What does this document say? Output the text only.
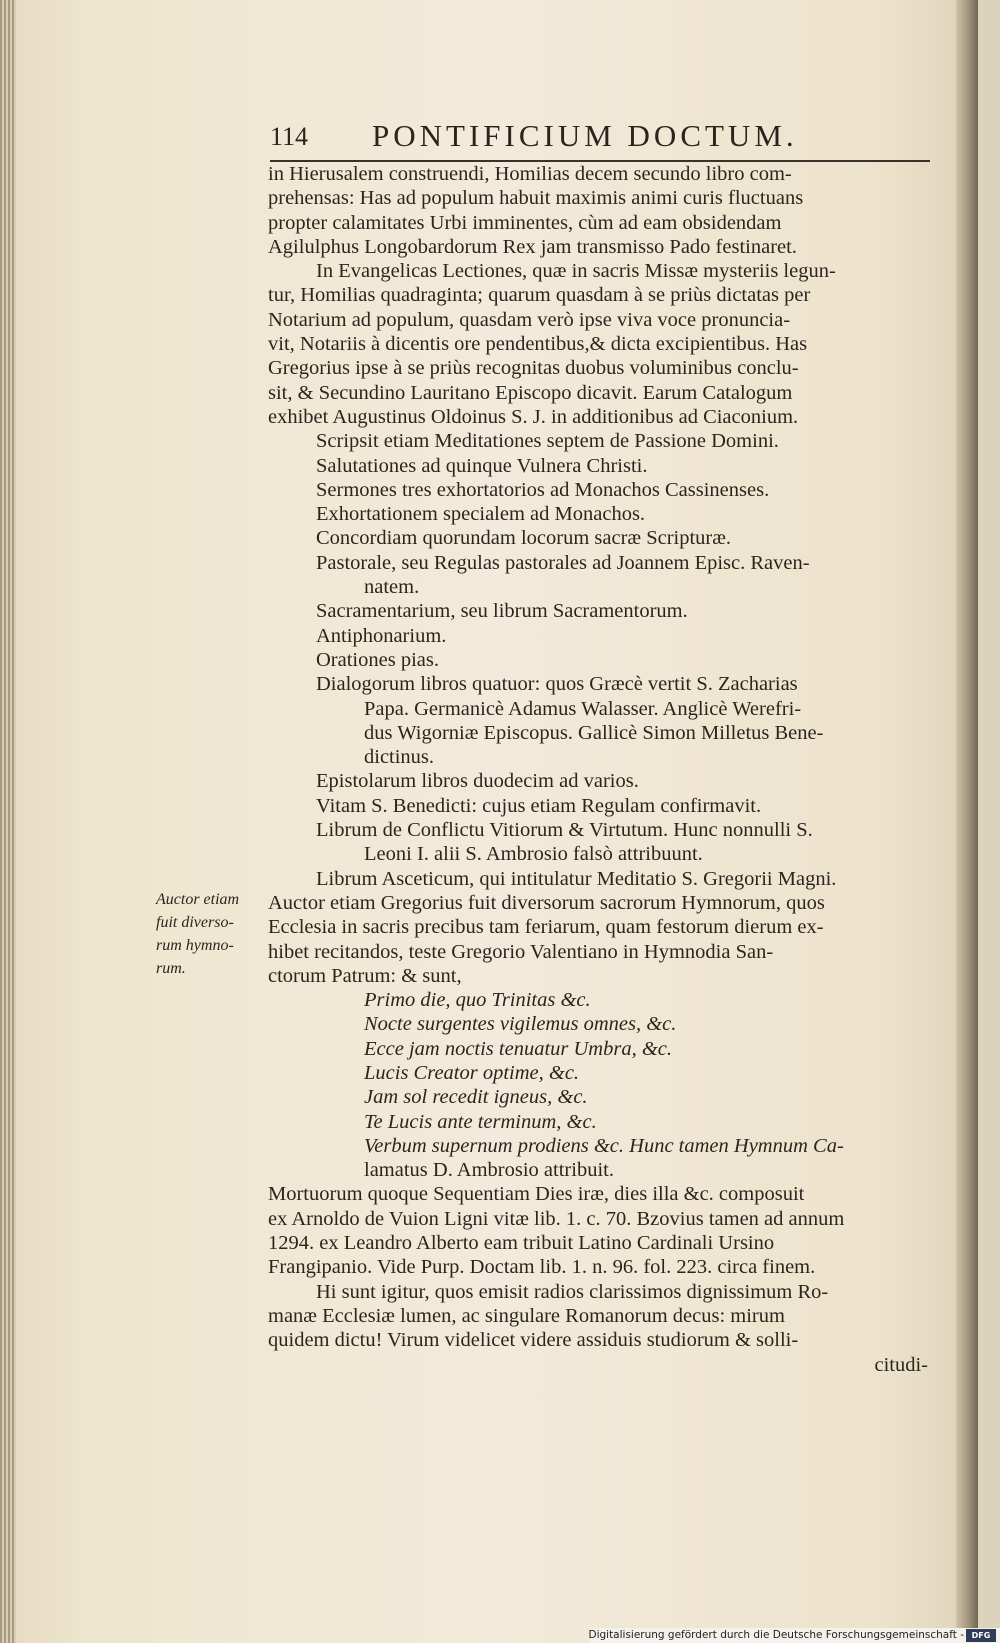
114 PONTIFICIUM DOCTUM.
Auctor etiam
fuit diverso-
rum hymno-
rum.
in Hierusalem construendi, Homilias decem secundo libro com-
prehensas: Has ad populum habuit maximis animi curis fluctuans
propter calamitates Urbi imminentes, cùm ad eam obsidendam
Agilulphus Longobardorum Rex jam transmisso Pado festinaret.
In Evangelicas Lectiones, quæ in sacris Missæ mysteriis legun-
tur, Homilias quadraginta; quarum quasdam à se priùs dictatas per
Notarium ad populum, quasdam verò ipse viva voce pronuncia-
vit, Notariis à dicentis ore pendentibus,& dicta excipientibus. Has
Gregorius ipse à se priùs recognitas duobus voluminibus conclu-
sit, & Secundino Lauritano Episcopo dicavit. Earum Catalogum
exhibet Augustinus Oldoinus S. J. in additionibus ad Ciaconium.
Scripsit etiam Meditationes septem de Passione Domini.
Salutationes ad quinque Vulnera Christi.
Sermones tres exhortatorios ad Monachos Cassinenses.
Exhortationem specialem ad Monachos.
Concordiam quorundam locorum sacræ Scripturæ.
Pastorale, seu Regulas pastorales ad Joannem Episc. Raven-
natem.
Sacramentarium, seu librum Sacramentorum.
Antiphonarium.
Orationes pias.
Dialogorum libros quatuor: quos Græcè vertit S. Zacharias
Papa. Germanicè Adamus Walasser. Anglicè Werefri-
dus Wigorniæ Episcopus. Gallicè Simon Milletus Bene-
dictinus.
Epistolarum libros duodecim ad varios.
Vitam S. Benedicti: cujus etiam Regulam confirmavit.
Librum de Conflictu Vitiorum & Virtutum. Hunc nonnulli S.
Leoni I. alii S. Ambrosio falsò attribuunt.
Librum Asceticum, qui intitulatur Meditatio S. Gregorii Magni.
Auctor etiam Gregorius fuit diversorum sacrorum Hymnorum, quos
Ecclesia in sacris precibus tam feriarum, quam festorum dierum ex-
hibet recitandos, teste Gregorio Valentiano in Hymnodia San-
ctorum Patrum: & sunt,
Primo die, quo Trinitas &c.
Nocte surgentes vigilemus omnes, &c.
Ecce jam noctis tenuatur Umbra, &c.
Lucis Creator optime, &c.
Jam sol recedit igneus, &c.
Te Lucis ante terminum, &c.
Verbum supernum prodiens &c. Hunc tamen Hymnum Ca-
lamatus D. Ambrosio attribuit.
Mortuorum quoque Sequentiam Dies iræ, dies illa &c. composuit
ex Arnoldo de Vuion Ligni vitæ lib. 1. c. 70. Bzovius tamen ad annum
1294. ex Leandro Alberto eam tribuit Latino Cardinali Ursino
Frangipanio. Vide Purp. Doctam lib. 1. n. 96. fol. 223. circa finem.
Hi sunt igitur, quos emisit radios clarissimos dignissimum Ro-
manæ Ecclesiæ lumen, ac singulare Romanorum decus: mirum
quidem dictu! Virum videlicet videre assiduis studiorum & solli-
citudi-
Digitalisierung gefördert durch die Deutsche Forschungsgemeinschaft - DFG
